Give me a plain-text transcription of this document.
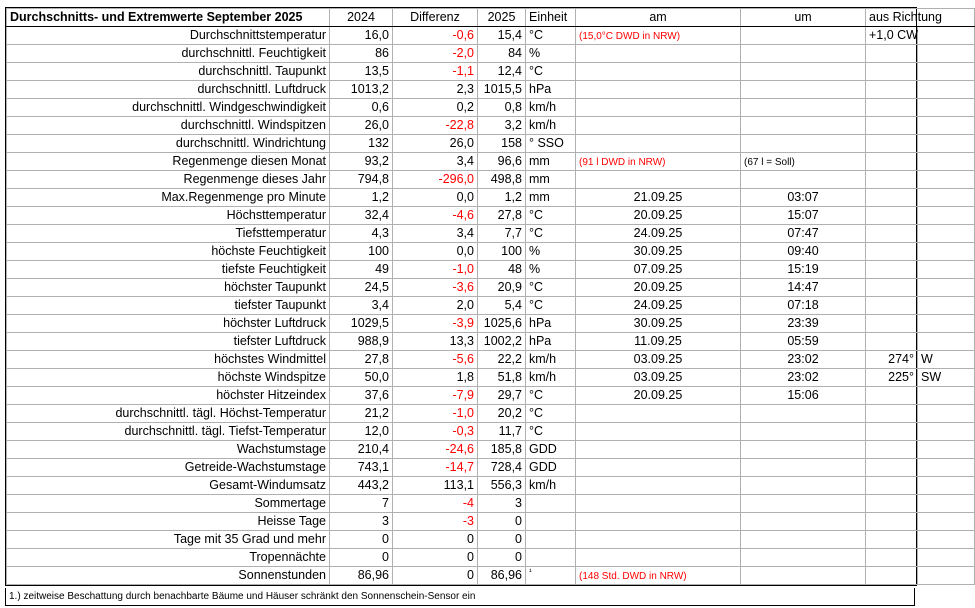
Durchschnitts- und Extremwerte September 2025	2024	Differenz	2025	Einheit	am	um	aus Richtung	
Durchschnittstemperatur	16,0	-0,6	15,4	°C	(15,0°C DWD in NRW)		+1,0 CW	
durchschnittl. Feuchtigkeit	86	-2,0	84	%				
durchschnittl. Taupunkt	13,5	-1,1	12,4	°C				
durchschnittl. Luftdruck	1013,2	2,3	1015,5	hPa				
durchschnittl. Windgeschwindigkeit	0,6	0,2	0,8	km/h				
durchschnittl. Windspitzen	26,0	-22,8	3,2	km/h				
durchschnittl. Windrichtung	132	26,0	158	° SSO				
Regenmenge diesen Monat	93,2	3,4	96,6	mm	(91 l DWD in NRW)	(67 l = Soll)		
Regenmenge dieses Jahr	794,8	-296,0	498,8	mm				
Max.Regenmenge pro Minute	1,2	0,0	1,2	mm	21.09.25	03:07		
Höchsttemperatur	32,4	-4,6	27,8	°C	20.09.25	15:07		
Tiefsttemperatur	4,3	3,4	7,7	°C	24.09.25	07:47		
höchste Feuchtigkeit	100	0,0	100	%	30.09.25	09:40		
tiefste Feuchtigkeit	49	-1,0	48	%	07.09.25	15:19		
höchster Taupunkt	24,5	-3,6	20,9	°C	20.09.25	14:47		
tiefster Taupunkt	3,4	2,0	5,4	°C	24.09.25	07:18		
höchster Luftdruck	1029,5	-3,9	1025,6	hPa	30.09.25	23:39		
tiefster Luftdruck	988,9	13,3	1002,2	hPa	11.09.25	05:59		
höchstes Windmittel	27,8	-5,6	22,2	km/h	03.09.25	23:02	274°	W
höchste Windspitze	50,0	1,8	51,8	km/h	03.09.25	23:02	225°	SW
höchster Hitzeindex	37,6	-7,9	29,7	°C	20.09.25	15:06		
durchschnittl. tägl. Höchst-Temperatur	21,2	-1,0	20,2	°C				
durchschnittl. tägl. Tiefst-Temperatur	12,0	-0,3	11,7	°C				
Wachstumstage	210,4	-24,6	185,8	GDD				
Getreide-Wachstumstage	743,1	-14,7	728,4	GDD				
Gesamt-Windumsatz	443,2	113,1	556,3	km/h				
Sommertage	7	-4	3					
Heisse Tage	3	-3	0					
Tage mit 35 Grad und mehr	0	0	0					
Tropennächte	0	0	0					
Sonnenstunden	86,96	0	86,96	$^{^1}$	(148 Std. DWD in NRW)			
1.) zeitweise Beschattung durch benachbarte Bäume und Häuser schränkt den Sonnenschein-Sensor ein
